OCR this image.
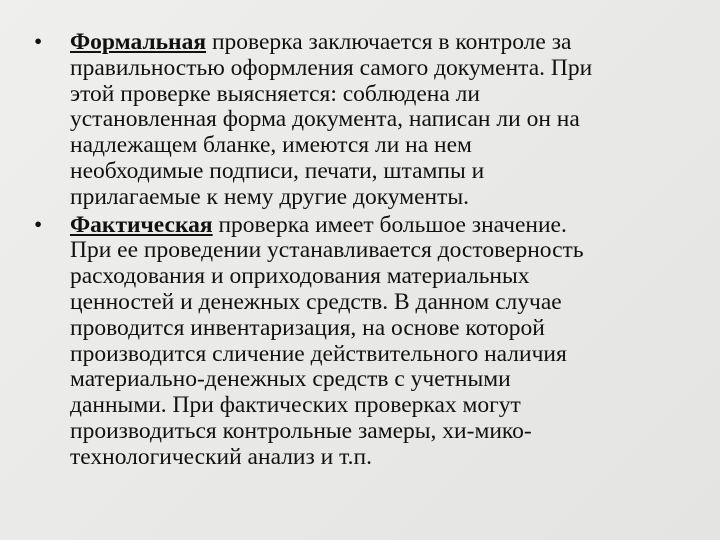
•	Формальная проверка заключается в контроле за
правильностью оформления самого документа. При
этой проверке выясняется: соблюдена ли
установленная форма документа, написан ли он на
надлежащем бланке, имеются ли на нем
необходимые подписи, печати, штампы и
прилагаемые к нему другие документы.
•	Фактическая проверка имеет большое значение.
При ее проведении устанавливается достоверность
расходования и оприходования материальных
ценностей и денежных средств. В данном случае
проводится инвентаризация, на основе которой
производится сличение действительного наличия
материально-денежных средств с учетными
данными. При фактических проверках могут
производиться контрольные замеры, хи-мико-
технологический анализ и т.п.
